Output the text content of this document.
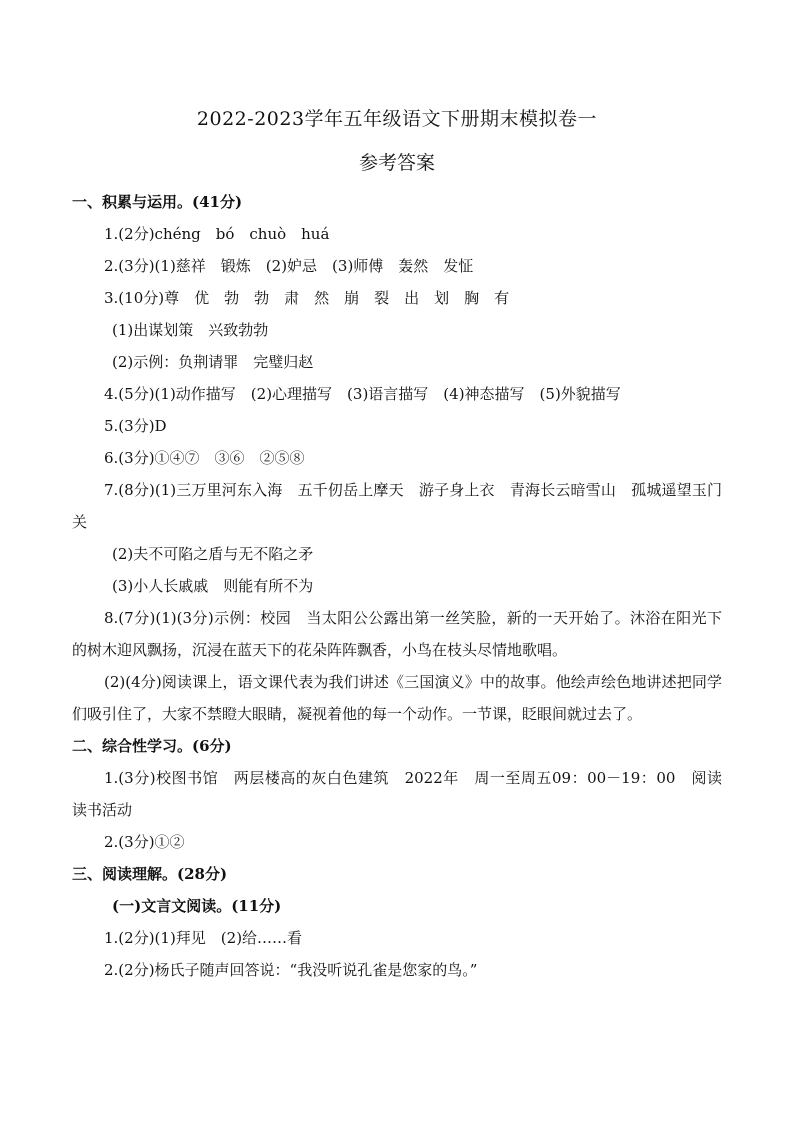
2022-2023学年五年级语文下册期末模拟卷一
参考答案

一、积累与运用。(41分)

1.(2分)chéng　bó　chuò　huá

2.(3分)(1)慈祥　锻炼　(2)妒忌　(3)师傅　轰然　发怔

3.(10分)尊　优　勃　勃　肃　然　崩　裂　出　划　胸　有

(1)出谋划策　兴致勃勃

(2)示例：负荆请罪　完璧归赵

4.(5分)(1)动作描写　(2)心理描写　(3)语言描写　(4)神态描写　(5)外貌描写

5.(3分)D

6.(3分)①④⑦　③⑥　②⑤⑧

7.(8分)(1)三万里河东入海　五千仞岳上摩天　游子身上衣　青海长云暗雪山　孤城遥望玉门关

(2)夫不可陷之盾与无不陷之矛

(3)小人长戚戚　则能有所不为

8.(7分)(1)(3分)示例：校园　当太阳公公露出第一丝笑脸，新的一天开始了。沐浴在阳光下的树木迎风飘扬，沉浸在蓝天下的花朵阵阵飘香，小鸟在枝头尽情地歌唱。

(2)(4分)阅读课上，语文课代表为我们讲述《三国演义》中的故事。他绘声绘色地讲述把同学们吸引住了，大家不禁瞪大眼睛，凝视着他的每一个动作。一节课，眨眼间就过去了。

二、综合性学习。(6分)

1.(3分)校图书馆　两层楼高的灰白色建筑　2022年　周一至周五09：00－19：00　阅读　读书活动

2.(3分)①②

三、阅读理解。(28分)

(一)文言文阅读。(11分)

1.(2分)(1)拜见　(2)给……看

2.(2分)杨氏子随声回答说：“我没听说孔雀是您家的鸟。”
